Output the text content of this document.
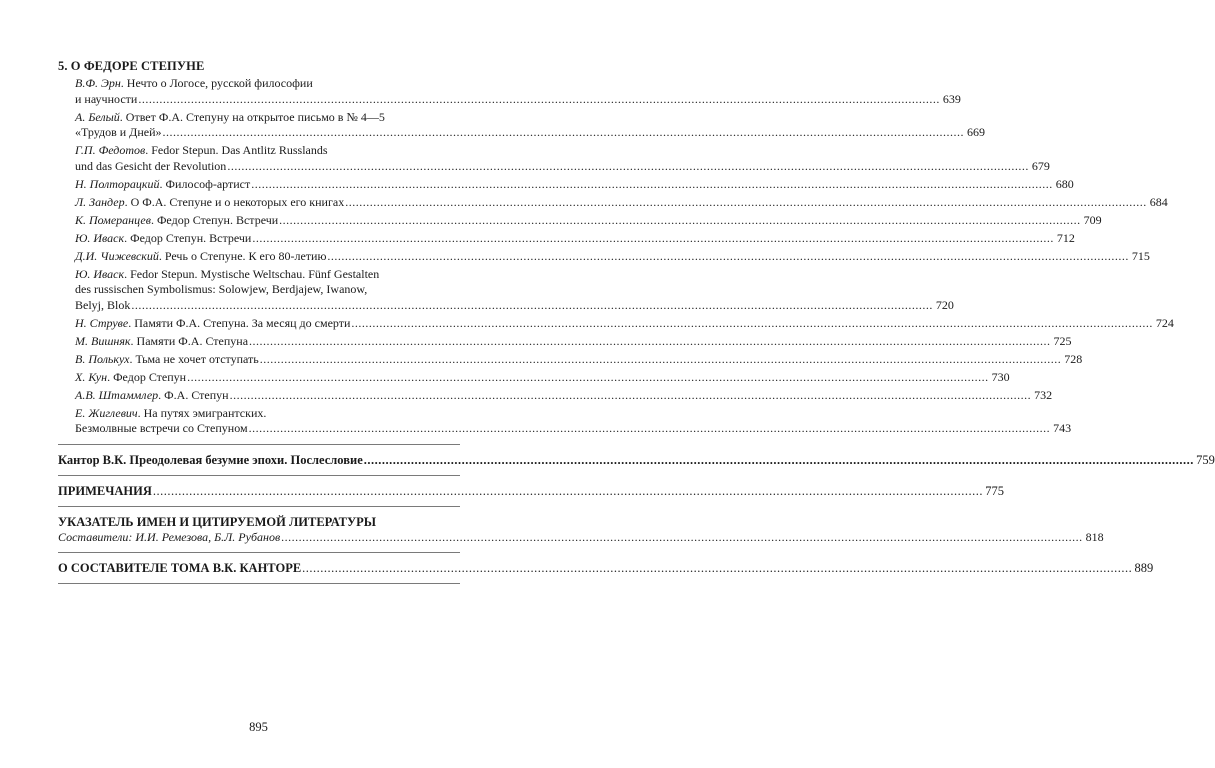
5. О ФЕДОРЕ СТЕПУНЕ
В.Ф. Эрн. Нечто о Логосе, русской философии
и научности .....	639
А. Белый. Ответ Ф.А. Степуну на открытое письмо в № 4—5
«Трудов и Дней» .....	669
Г.П. Федотов. Fedor Stepun. Das Antlitz Russlands
und das Gesicht der Revolution .....	679
Н. Полторацкий. Философ-артист .....	680
Л. Зандер. О Ф.А. Степуне и о некоторых его книгах .....	684
К. Померанцев. Федор Степун. Встречи .....	709
Ю. Иваск. Федор Степун. Встречи .....	712
Д.И. Чижевский. Речь о Степуне. К его 80-летию .....	715
Ю. Иваск. Fedor Stepun. Mystische Weltschau. Fünf Gestalten
des russischen Symbolismus: Solowjew, Berdjajew, Iwanow,
Belyj, Blok .....	720
Н. Струве. Памяти Ф.А. Степуна. За месяц до смерти .....	724
М. Вишняк. Памяти Ф.А. Степуна .....	725
В. Полькух. Тьма не хочет отступать .....	728
Х. Кун. Федор Степун .....	730
А.В. Штаммлер. Ф.А. Степун .....	732
Е. Жиглевич. На путях эмигрантских.
Безмолвные встречи со Степуном .....	743
Кантор В.К. Преодолевая безумие эпохи. Послесловие .....	759
ПРИМЕЧАНИЯ .....	775
УКАЗАТЕЛЬ ИМЕН И ЦИТИРУЕМОЙ ЛИТЕРАТУРЫ
Составители: И.И. Ремезова, Б.Л. Рубанов .....	818
О СОСТАВИТЕЛЕ ТОМА В.К. КАНТОРЕ .....	889
895
